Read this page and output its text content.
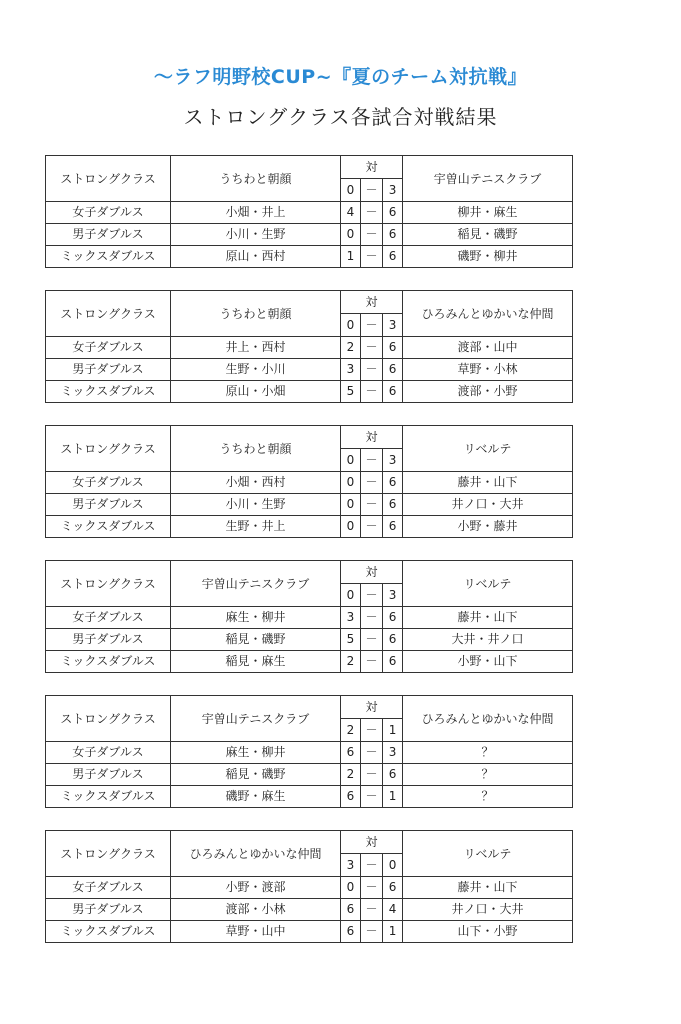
～ラフ明野校CUP~『夏のチーム対抗戦』
ストロングクラス各試合対戦結果
ストロングクラス	うちわと朝顔	対			宇曽山テニスクラブ
		0	－	3	
女子ダブルス	小畑・井上	4	－	6	柳井・麻生
男子ダブルス	小川・生野	0	－	6	稲見・磯野
ミックスダブルス	原山・西村	1	－	6	磯野・柳井
ストロングクラス	うちわと朝顔	対			ひろみんとゆかいな仲間
		0	－	3	
女子ダブルス	井上・西村	2	－	6	渡部・山中
男子ダブルス	生野・小川	3	－	6	草野・小林
ミックスダブルス	原山・小畑	5	－	6	渡部・小野
ストロングクラス	うちわと朝顔	対			リベルテ
		0	－	3	
女子ダブルス	小畑・西村	0	－	6	藤井・山下
男子ダブルス	小川・生野	0	－	6	井ノ口・大井
ミックスダブルス	生野・井上	0	－	6	小野・藤井
ストロングクラス	宇曽山テニスクラブ	対			リベルテ
		0	－	3	
女子ダブルス	麻生・柳井	3	－	6	藤井・山下
男子ダブルス	稲見・磯野	5	－	6	大井・井ノ口
ミックスダブルス	稲見・麻生	2	－	6	小野・山下
ストロングクラス	宇曽山テニスクラブ	対			ひろみんとゆかいな仲間
		2	－	1	
女子ダブルス	麻生・柳井	6	－	3	？
男子ダブルス	稲見・磯野	2	－	6	？
ミックスダブルス	磯野・麻生	6	－	1	？
ストロングクラス	ひろみんとゆかいな仲間	対			リベルテ
		3	－	0	
女子ダブルス	小野・渡部	0	－	6	藤井・山下
男子ダブルス	渡部・小林	6	－	4	井ノ口・大井
ミックスダブルス	草野・山中	6	－	1	山下・小野
